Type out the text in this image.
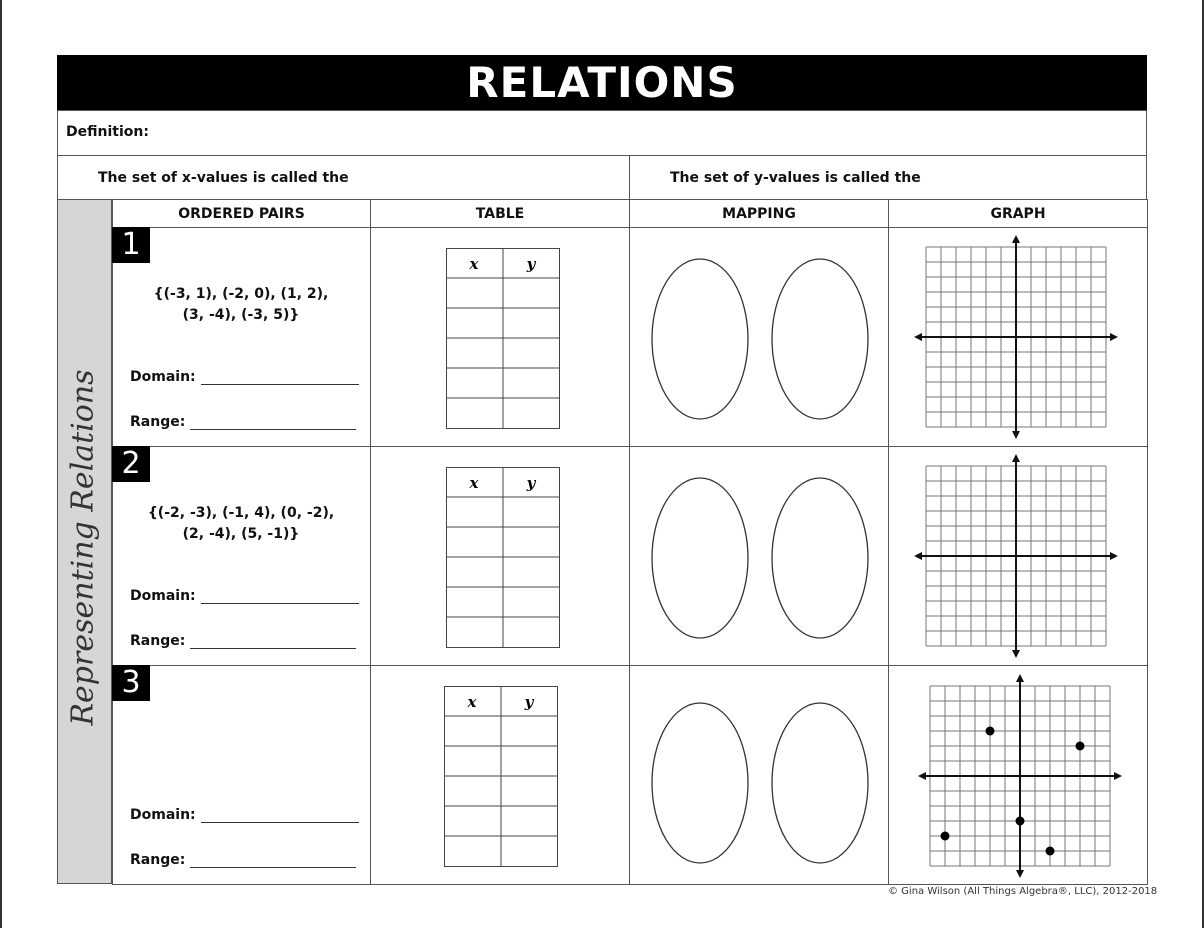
RELATIONS
Definition:
The set of x-values is called the	The set of y-values is called the
Representing Relations
ORDERED PAIRS	TABLE	MAPPING	GRAPH
1
{(-3, 1), (-2, 0), (1, 2),
(3, -4), (-3, 5)}
Domain:
Range:
x	y
2
{(-2, -3), (-1, 4), (0, -2),
(2, -4), (5, -1)}
Domain:
Range:
x	y
3
Domain:
Range:
x	y
© Gina Wilson (All Things Algebra®, LLC), 2012-2018
